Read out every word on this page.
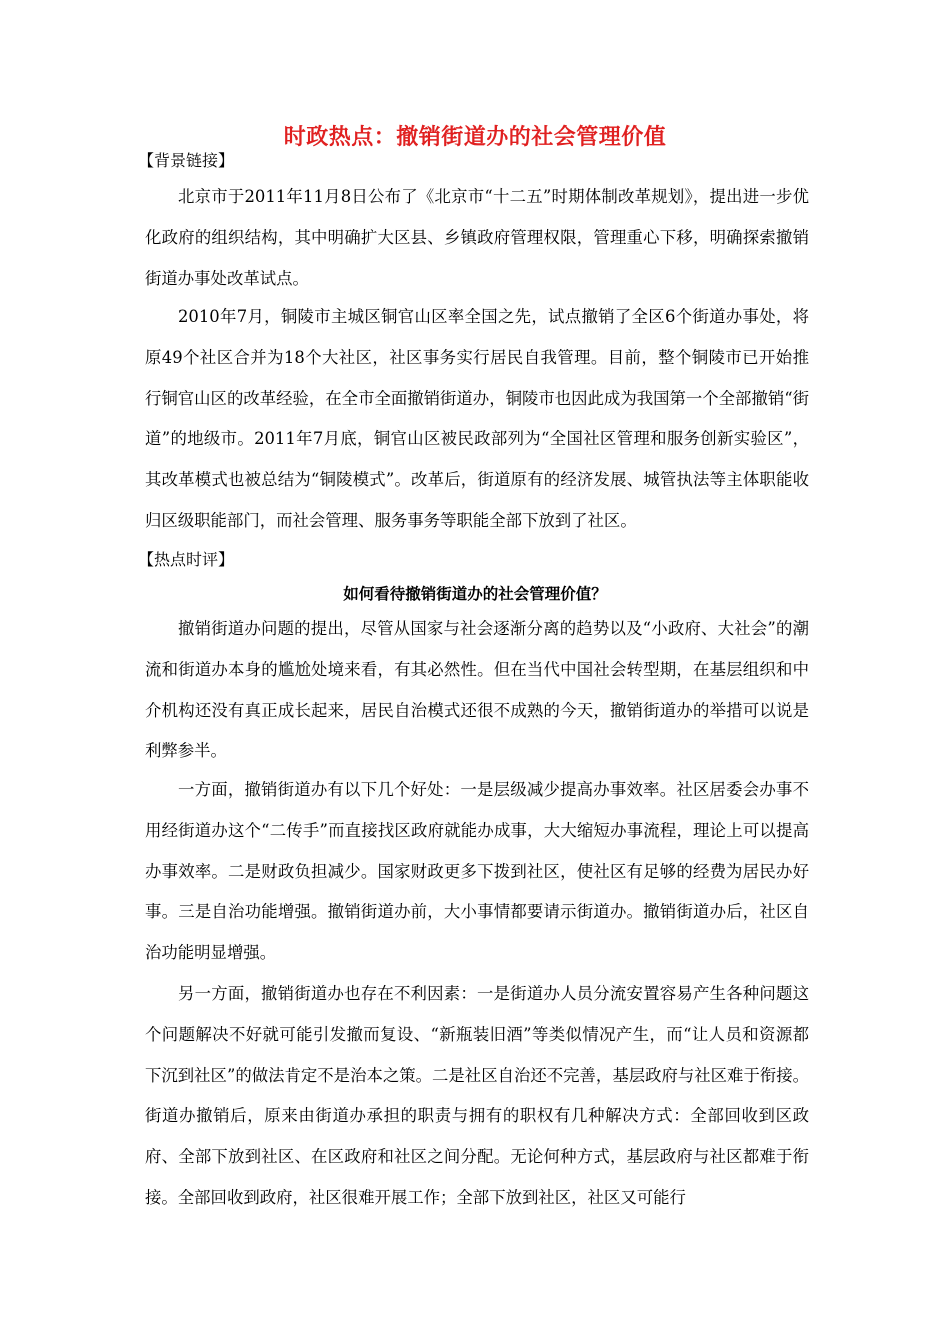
时政热点：撤销街道办的社会管理价值
【背景链接】

北京市于2011年11月8日公布了《北京市“十二五”时期体制改革规划》，提出进一步优化政府的组织结构，其中明确扩大区县、乡镇政府管理权限，管理重心下移，明确探索撤销街道办事处改革试点。

2010年7月，铜陵市主城区铜官山区率全国之先，试点撤销了全区6个街道办事处，将原49个社区合并为18个大社区，社区事务实行居民自我管理。目前，整个铜陵市已开始推行铜官山区的改革经验，在全市全面撤销街道办，铜陵市也因此成为我国第一个全部撤销“街道”的地级市。2011年7月底，铜官山区被民政部列为“全国社区管理和服务创新实验区”，其改革模式也被总结为“铜陵模式”。改革后，街道原有的经济发展、城管执法等主体职能收归区级职能部门，而社会管理、服务事务等职能全部下放到了社区。

【热点时评】
如何看待撤销街道办的社会管理价值？

撤销街道办问题的提出，尽管从国家与社会逐渐分离的趋势以及“小政府、大社会”的潮流和街道办本身的尴尬处境来看，有其必然性。但在当代中国社会转型期，在基层组织和中介机构还没有真正成长起来，居民自治模式还很不成熟的今天，撤销街道办的举措可以说是利弊参半。

一方面，撤销街道办有以下几个好处：一是层级减少提高办事效率。社区居委会办事不用经街道办这个“二传手”而直接找区政府就能办成事，大大缩短办事流程，理论上可以提高办事效率。二是财政负担减少。国家财政更多下拨到社区，使社区有足够的经费为居民办好事。三是自治功能增强。撤销街道办前，大小事情都要请示街道办。撤销街道办后，社区自治功能明显增强。

另一方面，撤销街道办也存在不利因素：一是街道办人员分流安置容易产生各种问题这个问题解决不好就可能引发撤而复设、“新瓶装旧酒”等类似情况产生，而“让人员和资源都下沉到社区”的做法肯定不是治本之策。二是社区自治还不完善，基层政府与社区难于衔接。街道办撤销后，原来由街道办承担的职责与拥有的职权有几种解决方式：全部回收到区政府、全部下放到社区、在区政府和社区之间分配。无论何种方式，基层政府与社区都难于衔接。全部回收到政府，社区很难开展工作；全部下放到社区，社区又可能行
